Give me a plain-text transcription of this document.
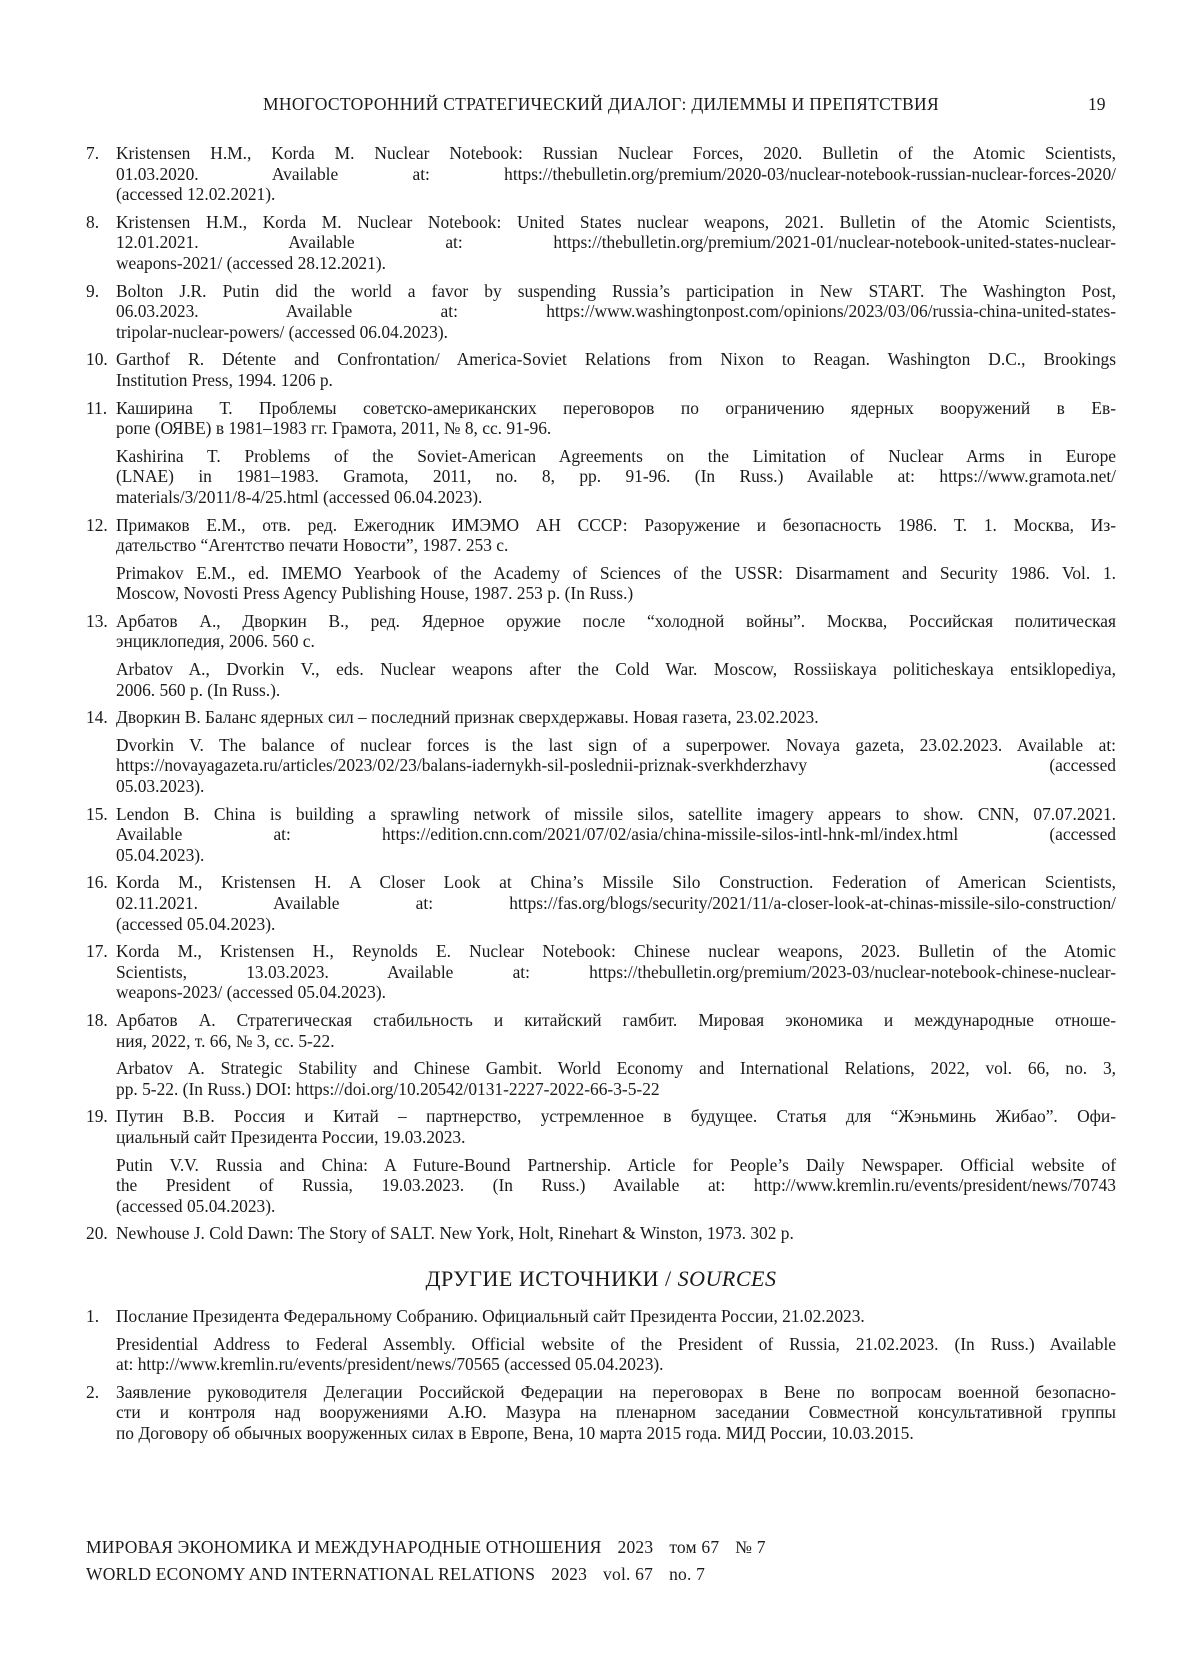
МНОГОСТОРОННИЙ СТРАТЕГИЧЕСКИЙ ДИАЛОГ: ДИЛЕММЫ И ПРЕПЯТСТВИЯ	19
7. Kristensen H.M., Korda M. Nuclear Notebook: Russian Nuclear Forces, 2020. Bulletin of the Atomic Scientists,
01.03.2020. Available at: https://thebulletin.org/premium/2020-03/nuclear-notebook-russian-nuclear-forces-2020/
(accessed 12.02.2021).
8. Kristensen H.M., Korda M. Nuclear Notebook: United States nuclear weapons, 2021. Bulletin of the Atomic Scientists,
12.01.2021. Available at: https://thebulletin.org/premium/2021-01/nuclear-notebook-united-states-nuclear-
weapons-2021/ (accessed 28.12.2021).
9. Bolton J.R. Putin did the world a favor by suspending Russia’s participation in New START. The Washington Post,
06.03.2023. Available at: https://www.washingtonpost.com/opinions/2023/03/06/russia-china-united-states-
tripolar-nuclear-powers/ (accessed 06.04.2023).
10. Garthof R. Détente and Confrontation/ America-Soviet Relations from Nixon to Reagan. Washington D.C., Brookings
Institution Press, 1994. 1206 p.
11. Каширина Т. Проблемы советско-американских переговоров по ограничению ядерных вооружений в Ев-
ропе (ОЯВЕ) в 1981–1983 гг. Грамота, 2011, № 8, сс. 91-96.
Kashirina T. Problems of the Soviet-American Agreements on the Limitation of Nuclear Arms in Europe
(LNAE) in 1981–1983. Gramota, 2011, no. 8, pp. 91-96. (In Russ.) Available at: https://www.gramota.net/
materials/3/2011/8-4/25.html (accessed 06.04.2023).
12. Примаков Е.М., отв. ред. Ежегодник ИМЭМО АН СССР: Разоружение и безопасность 1986. Т. 1. Москва, Из-
дательство “Агентство печати Новости”, 1987. 253 с.
Primakov E.M., ed. IMEMO Yearbook of the Academy of Sciences of the USSR: Disarmament and Security 1986. Vol. 1.
Moscow, Novosti Press Agency Publishing House, 1987. 253 p. (In Russ.)
13. Арбатов А., Дворкин В., ред. Ядерное оружие после “холодной войны”. Москва, Российская политическая
энциклопедия, 2006. 560 с.
Arbatov A., Dvorkin V., eds. Nuclear weapons after the Cold War. Moscow, Rossiiskaya politicheskaya entsiklopediya,
2006. 560 p. (In Russ.).
14. Дворкин В. Баланс ядерных сил – последний признак сверхдержавы. Новая газета, 23.02.2023.
Dvorkin V. The balance of nuclear forces is the last sign of a superpower. Novaya gazeta, 23.02.2023. Available at:
https://novayagazeta.ru/articles/2023/02/23/balans-iadernykh-sil-poslednii-priznak-sverkhderzhavy (accessed
05.03.2023).
15. Lendon B. China is building a sprawling network of missile silos, satellite imagery appears to show. CNN, 07.07.2021.
Available at: https://edition.cnn.com/2021/07/02/asia/china-missile-silos-intl-hnk-ml/index.html (accessed
05.04.2023).
16. Korda M., Kristensen H. A Closer Look at China’s Missile Silo Construction. Federation of American Scientists,
02.11.2021. Available at: https://fas.org/blogs/security/2021/11/a-closer-look-at-chinas-missile-silo-construction/
(accessed 05.04.2023).
17. Korda M., Kristensen H., Reynolds E. Nuclear Notebook: Chinese nuclear weapons, 2023. Bulletin of the Atomic
Scientists, 13.03.2023. Available at: https://thebulletin.org/premium/2023-03/nuclear-notebook-chinese-nuclear-
weapons-2023/ (accessed 05.04.2023).
18. Арбатов А. Стратегическая стабильность и китайский гамбит. Мировая экономика и международные отноше-
ния, 2022, т. 66, № 3, сс. 5-22.
Arbatov A. Strategic Stability and Chinese Gambit. World Economy and International Relations, 2022, vol. 66, no. 3,
pp. 5-22. (In Russ.) DOI: https://doi.org/10.20542/0131-2227-2022-66-3-5-22
19. Путин В.В. Россия и Китай – партнерство, устремленное в будущее. Статья для “Жэньминь Жибао”. Офи-
циальный сайт Президента России, 19.03.2023.
Putin V.V. Russia and China: A Future-Bound Partnership. Article for People’s Daily Newspaper. Official website of
the President of Russia, 19.03.2023. (In Russ.) Available at: http://www.kremlin.ru/events/president/news/70743
(accessed 05.04.2023).
20. Newhouse J. Cold Dawn: The Story of SALT. New York, Holt, Rinehart & Winston, 1973. 302 p.
ДРУГИЕ ИСТОЧНИКИ / SOURCES
1. Послание Президента Федеральному Собранию. Официальный сайт Президента России, 21.02.2023.
Presidential Address to Federal Assembly. Official website of the President of Russia, 21.02.2023. (In Russ.) Available
at: http://www.kremlin.ru/events/president/news/70565 (accessed 05.04.2023).
2. Заявление руководителя Делегации Российской Федерации на переговорах в Вене по вопросам военной безопасно-
сти и контроля над вооружениями А.Ю. Мазура на пленарном заседании Совместной консультативной группы
по Договору об обычных вооруженных силах в Европе, Вена, 10 марта 2015 года. МИД России, 10.03.2015.
МИРОВАЯ ЭКОНОМИКА И МЕЖДУНАРОДНЫЕ ОТНОШЕНИЯ 2023 том 67 № 7
WORLD ECONOMY AND INTERNATIONAL RELATIONS 2023 vol. 67 no. 7
